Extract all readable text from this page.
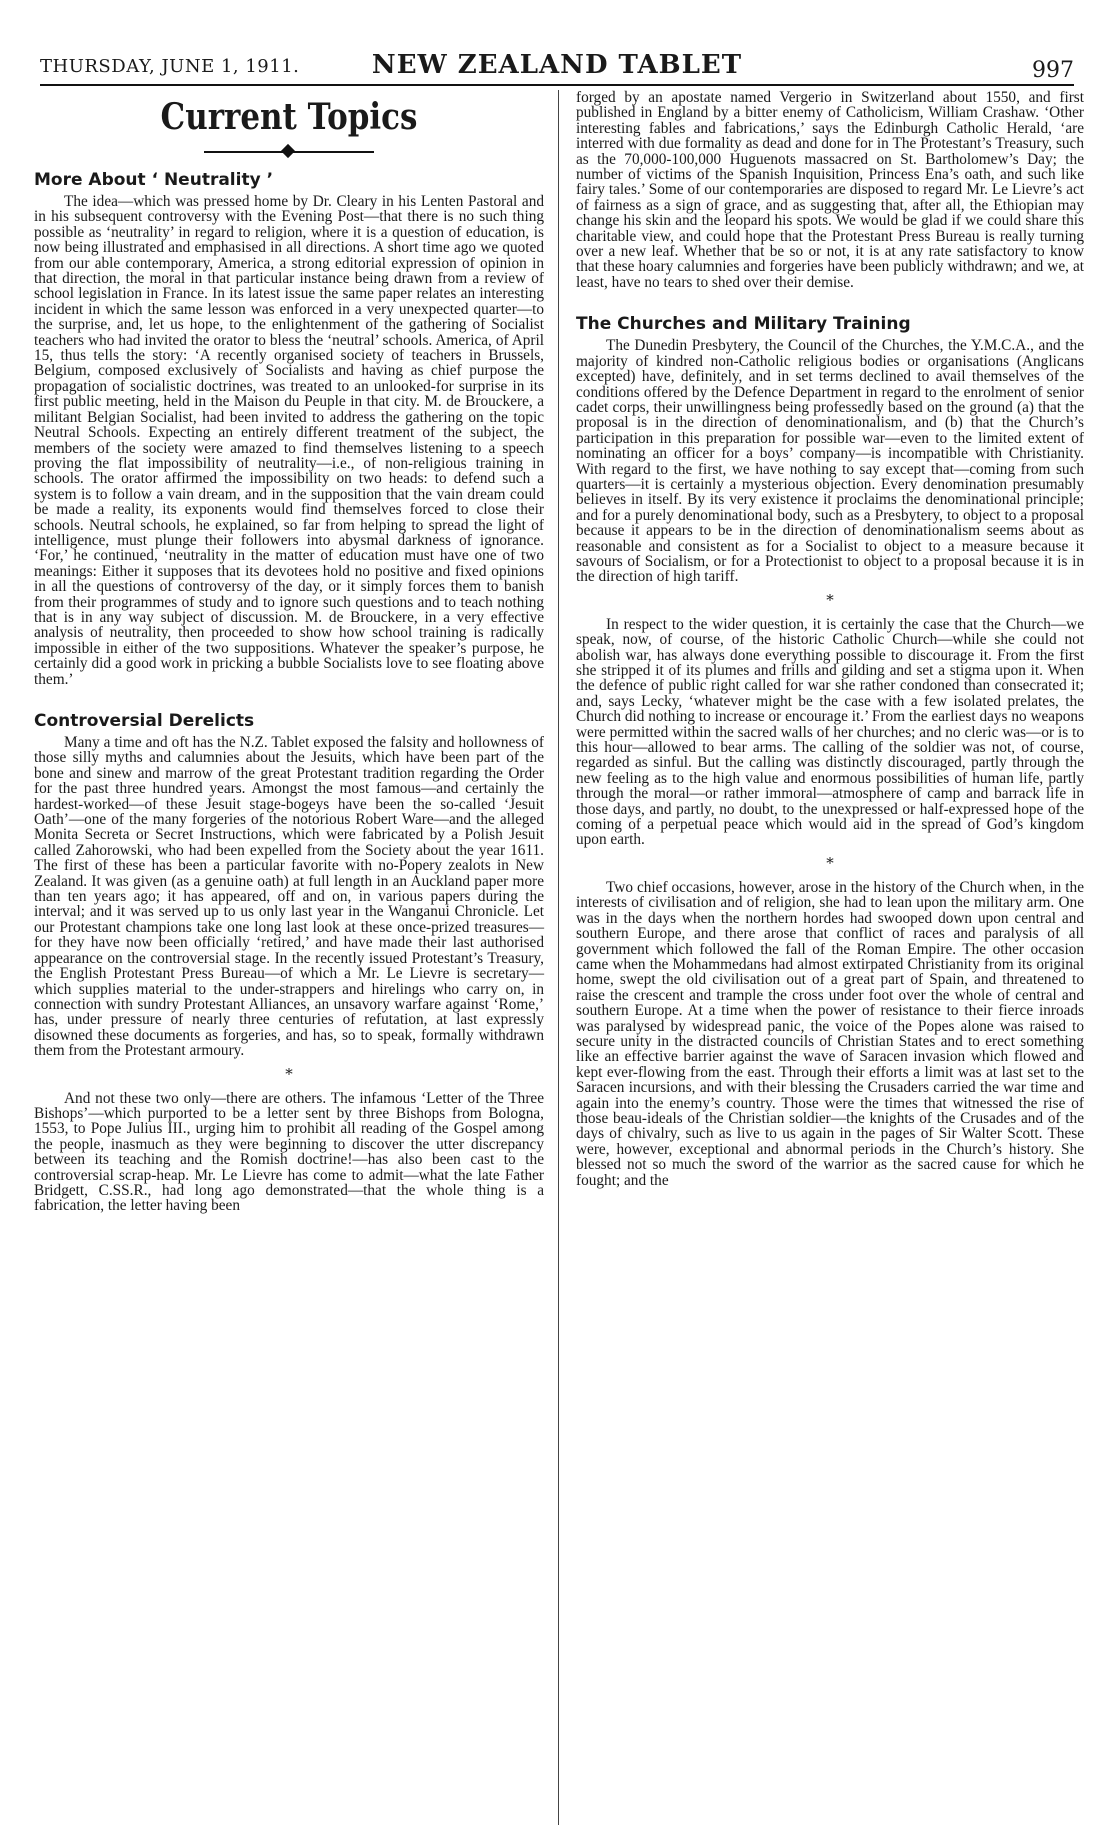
THURSDAY, JUNE 1, 1911.	NEW ZEALAND TABLET	997
Current Topics
More About ‘ Neutrality ’

The idea—which was pressed home by Dr. Cleary in his Lenten Pastoral and in his subsequent controversy with the Evening Post—that there is no such thing possible as ‘neutrality’ in regard to religion, where it is a question of education, is now being illustrated and emphasised in all directions. A short time ago we quoted from our able contemporary, America, a strong editorial expression of opinion in that direction, the moral in that particular instance being drawn from a review of school legislation in France. In its latest issue the same paper relates an interesting incident in which the same lesson was enforced in a very unexpected quarter—to the surprise, and, let us hope, to the enlightenment of the gathering of Socialist teachers who had invited the orator to bless the ‘neutral’ schools. America, of April 15, thus tells the story: ‘A recently organised society of teachers in Brussels, Belgium, composed exclusively of Socialists and having as chief purpose the propagation of socialistic doctrines, was treated to an unlooked-for surprise in its first public meeting, held in the Maison du Peuple in that city. M. de Brouckere, a militant Belgian Socialist, had been invited to address the gathering on the topic Neutral Schools. Expecting an entirely different treatment of the subject, the members of the society were amazed to find themselves listening to a speech proving the flat impossibility of neutrality—i.e., of non-religious training in schools. The orator affirmed the impossibility on two heads: to defend such a system is to follow a vain dream, and in the supposition that the vain dream could be made a reality, its exponents would find themselves forced to close their schools. Neutral schools, he explained, so far from helping to spread the light of intelligence, must plunge their followers into abysmal darkness of ignorance. ‘For,’ he continued, ‘neutrality in the matter of education must have one of two meanings: Either it supposes that its devotees hold no positive and fixed opinions in all the questions of controversy of the day, or it simply forces them to banish from their programmes of study and to ignore such questions and to teach nothing that is in any way subject of discussion. M. de Brouckere, in a very effective analysis of neutrality, then proceeded to show how school training is radically impossible in either of the two suppositions. Whatever the speaker’s purpose, he certainly did a good work in pricking a bubble Socialists love to see floating above them.’

Controversial Derelicts

Many a time and oft has the N.Z. Tablet exposed the falsity and hollowness of those silly myths and calumnies about the Jesuits, which have been part of the bone and sinew and marrow of the great Protestant tradition regarding the Order for the past three hundred years. Amongst the most famous—and certainly the hardest-worked—of these Jesuit stage-bogeys have been the so-called ‘Jesuit Oath’—one of the many forgeries of the notorious Robert Ware—and the alleged Monita Secreta or Secret Instructions, which were fabricated by a Polish Jesuit called Zahorowski, who had been expelled from the Society about the year 1611. The first of these has been a particular favorite with no-Popery zealots in New Zealand. It was given (as a genuine oath) at full length in an Auckland paper more than ten years ago; it has appeared, off and on, in various papers during the interval; and it was served up to us only last year in the Wanganui Chronicle. Let our Protestant champions take one long last look at these once-prized treasures—for they have now been officially ‘retired,’ and have made their last authorised appearance on the controversial stage. In the recently issued Protestant’s Treasury, the English Protestant Press Bureau—of which a Mr. Le Lievre is secretary—which supplies material to the under-strappers and hirelings who carry on, in connection with sundry Protestant Alliances, an unsavory warfare against ‘Rome,’ has, under pressure of nearly three centuries of refutation, at last expressly disowned these documents as forgeries, and has, so to speak, formally withdrawn them from the Protestant armoury.

*

And not these two only—there are others. The infamous ‘Letter of the Three Bishops’—which purported to be a letter sent by three Bishops from Bologna, 1553, to Pope Julius III., urging him to prohibit all reading of the Gospel among the people, inasmuch as they were beginning to discover the utter discrepancy between its teaching and the Romish doctrine!—has also been cast to the controversial scrap-heap. Mr. Le Lievre has come to admit—what the late Father Bridgett, C.SS.R., had long ago demonstrated—that the whole thing is a fabrication, the letter having been

forged by an apostate named Vergerio in Switzerland about 1550, and first published in England by a bitter enemy of Catholicism, William Crashaw. ‘Other interesting fables and fabrications,’ says the Edinburgh Catholic Herald, ‘are interred with due formality as dead and done for in The Protestant’s Treasury, such as the 70,000-100,000 Huguenots massacred on St. Bartholomew’s Day; the number of victims of the Spanish Inquisition, Princess Ena’s oath, and such like fairy tales.’ Some of our contemporaries are disposed to regard Mr. Le Lievre’s act of fairness as a sign of grace, and as suggesting that, after all, the Ethiopian may change his skin and the leopard his spots. We would be glad if we could share this charitable view, and could hope that the Protestant Press Bureau is really turning over a new leaf. Whether that be so or not, it is at any rate satisfactory to know that these hoary calumnies and forgeries have been publicly withdrawn; and we, at least, have no tears to shed over their demise.

The Churches and Military Training

The Dunedin Presbytery, the Council of the Churches, the Y.M.C.A., and the majority of kindred non-Catholic religious bodies or organisations (Anglicans excepted) have, definitely, and in set terms declined to avail themselves of the conditions offered by the Defence Department in regard to the enrolment of senior cadet corps, their unwillingness being professedly based on the ground (a) that the proposal is in the direction of denominationalism, and (b) that the Church’s participation in this preparation for possible war—even to the limited extent of nominating an officer for a boys’ company—is incompatible with Christianity. With regard to the first, we have nothing to say except that—coming from such quarters—it is certainly a mysterious objection. Every denomination presumably believes in itself. By its very existence it proclaims the denominational principle; and for a purely denominational body, such as a Presbytery, to object to a proposal because it appears to be in the direction of denominationalism seems about as reasonable and consistent as for a Socialist to object to a measure because it savours of Socialism, or for a Protectionist to object to a proposal because it is in the direction of high tariff.

*

In respect to the wider question, it is certainly the case that the Church—we speak, now, of course, of the historic Catholic Church—while she could not abolish war, has always done everything possible to discourage it. From the first she stripped it of its plumes and frills and gilding and set a stigma upon it. When the defence of public right called for war she rather condoned than consecrated it; and, says Lecky, ‘whatever might be the case with a few isolated prelates, the Church did nothing to increase or encourage it.’ From the earliest days no weapons were permitted within the sacred walls of her churches; and no cleric was—or is to this hour—allowed to bear arms. The calling of the soldier was not, of course, regarded as sinful. But the calling was distinctly discouraged, partly through the new feeling as to the high value and enormous possibilities of human life, partly through the moral—or rather immoral—atmosphere of camp and barrack life in those days, and partly, no doubt, to the unexpressed or half-expressed hope of the coming of a perpetual peace which would aid in the spread of God’s kingdom upon earth.

*

Two chief occasions, however, arose in the history of the Church when, in the interests of civilisation and of religion, she had to lean upon the military arm. One was in the days when the northern hordes had swooped down upon central and southern Europe, and there arose that conflict of races and paralysis of all government which followed the fall of the Roman Empire. The other occasion came when the Mohammedans had almost extirpated Christianity from its original home, swept the old civilisation out of a great part of Spain, and threatened to raise the crescent and trample the cross under foot over the whole of central and southern Europe. At a time when the power of resistance to their fierce inroads was paralysed by widespread panic, the voice of the Popes alone was raised to secure unity in the distracted councils of Christian States and to erect something like an effective barrier against the wave of Saracen invasion which flowed and kept ever-flowing from the east. Through their efforts a limit was at last set to the Saracen incursions, and with their blessing the Crusaders carried the war time and again into the enemy’s country. Those were the times that witnessed the rise of those beau-ideals of the Christian soldier—the knights of the Crusades and of the days of chivalry, such as live to us again in the pages of Sir Walter Scott. These were, however, exceptional and abnormal periods in the Church’s history. She blessed not so much the sword of the warrior as the sacred cause for which he fought; and the
